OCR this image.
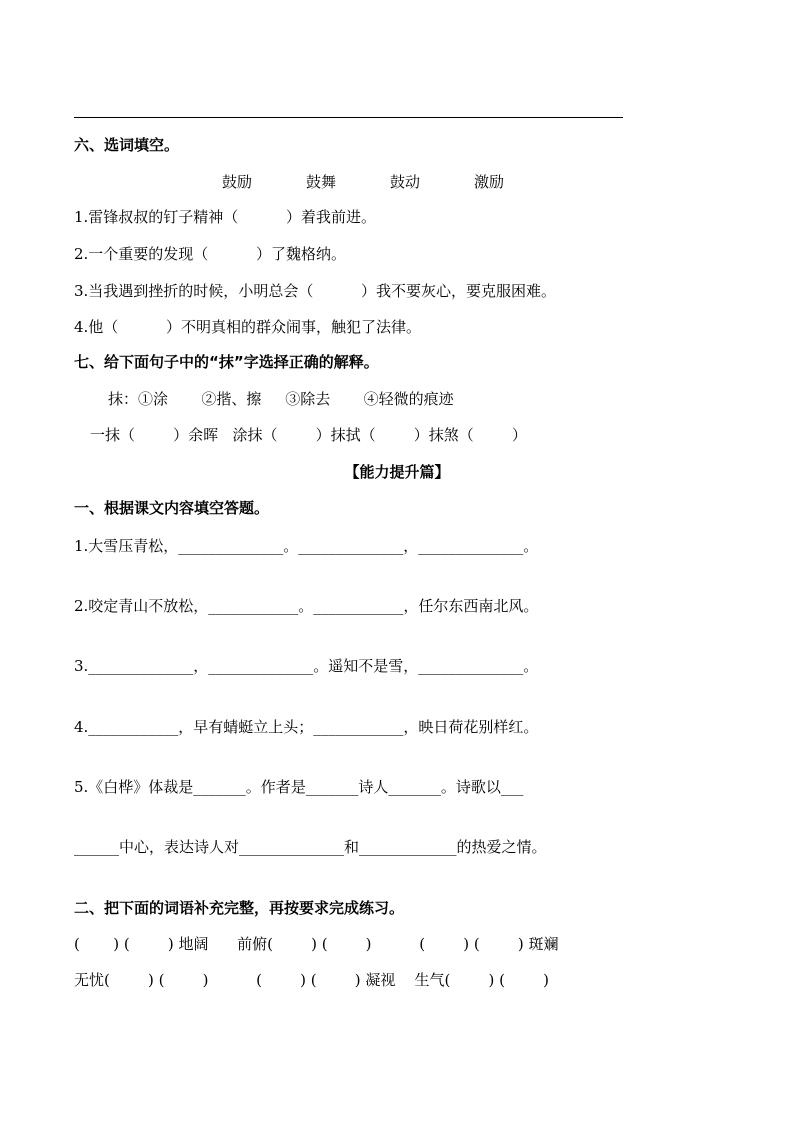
六、选词填空。

鼓励

	鼓舞

	鼓动

	激励

1.雷锋叔叔的钉子精神（          ）着我前进。
2.一个重要的发现（          ）了魏格纳。
3.当我遇到挫折的时候，小明总会（          ）我不要灰心，要克服困难。
4.他（          ）不明真相的群众闹事，触犯了法律。
七、给下面句子中的“抹”字选择正确的解释。
抹：①涂       ②揩、擦     ③除去       ④轻微的痕迹
一抹（        ）余晖   涂抹（        ）抹拭（        ）抹煞（        ）
【能力提升篇】
一、根据课文内容填空答题。
1.大雪压青松，______________。______________，______________。
2.咬定青山不放松，____________。____________，任尔东西南北风。
3.______________，______________。遥知不是雪，______________。
4.____________，早有蜻蜓立上头；____________，映日荷花别样红。
5.《白桦》体裁是_______。作者是_______诗人_______。诗歌以___
______中心，表达诗人对______________和_____________的热爱之情。
二、把下面的词语补充完整，再按要求完成练习。
(       ) (        ) 地阔      前俯(        ) (        )          (        ) (        ) 斑斓
无忧(        ) (        )          (        ) (        ) 凝视    生气(        ) (        )
